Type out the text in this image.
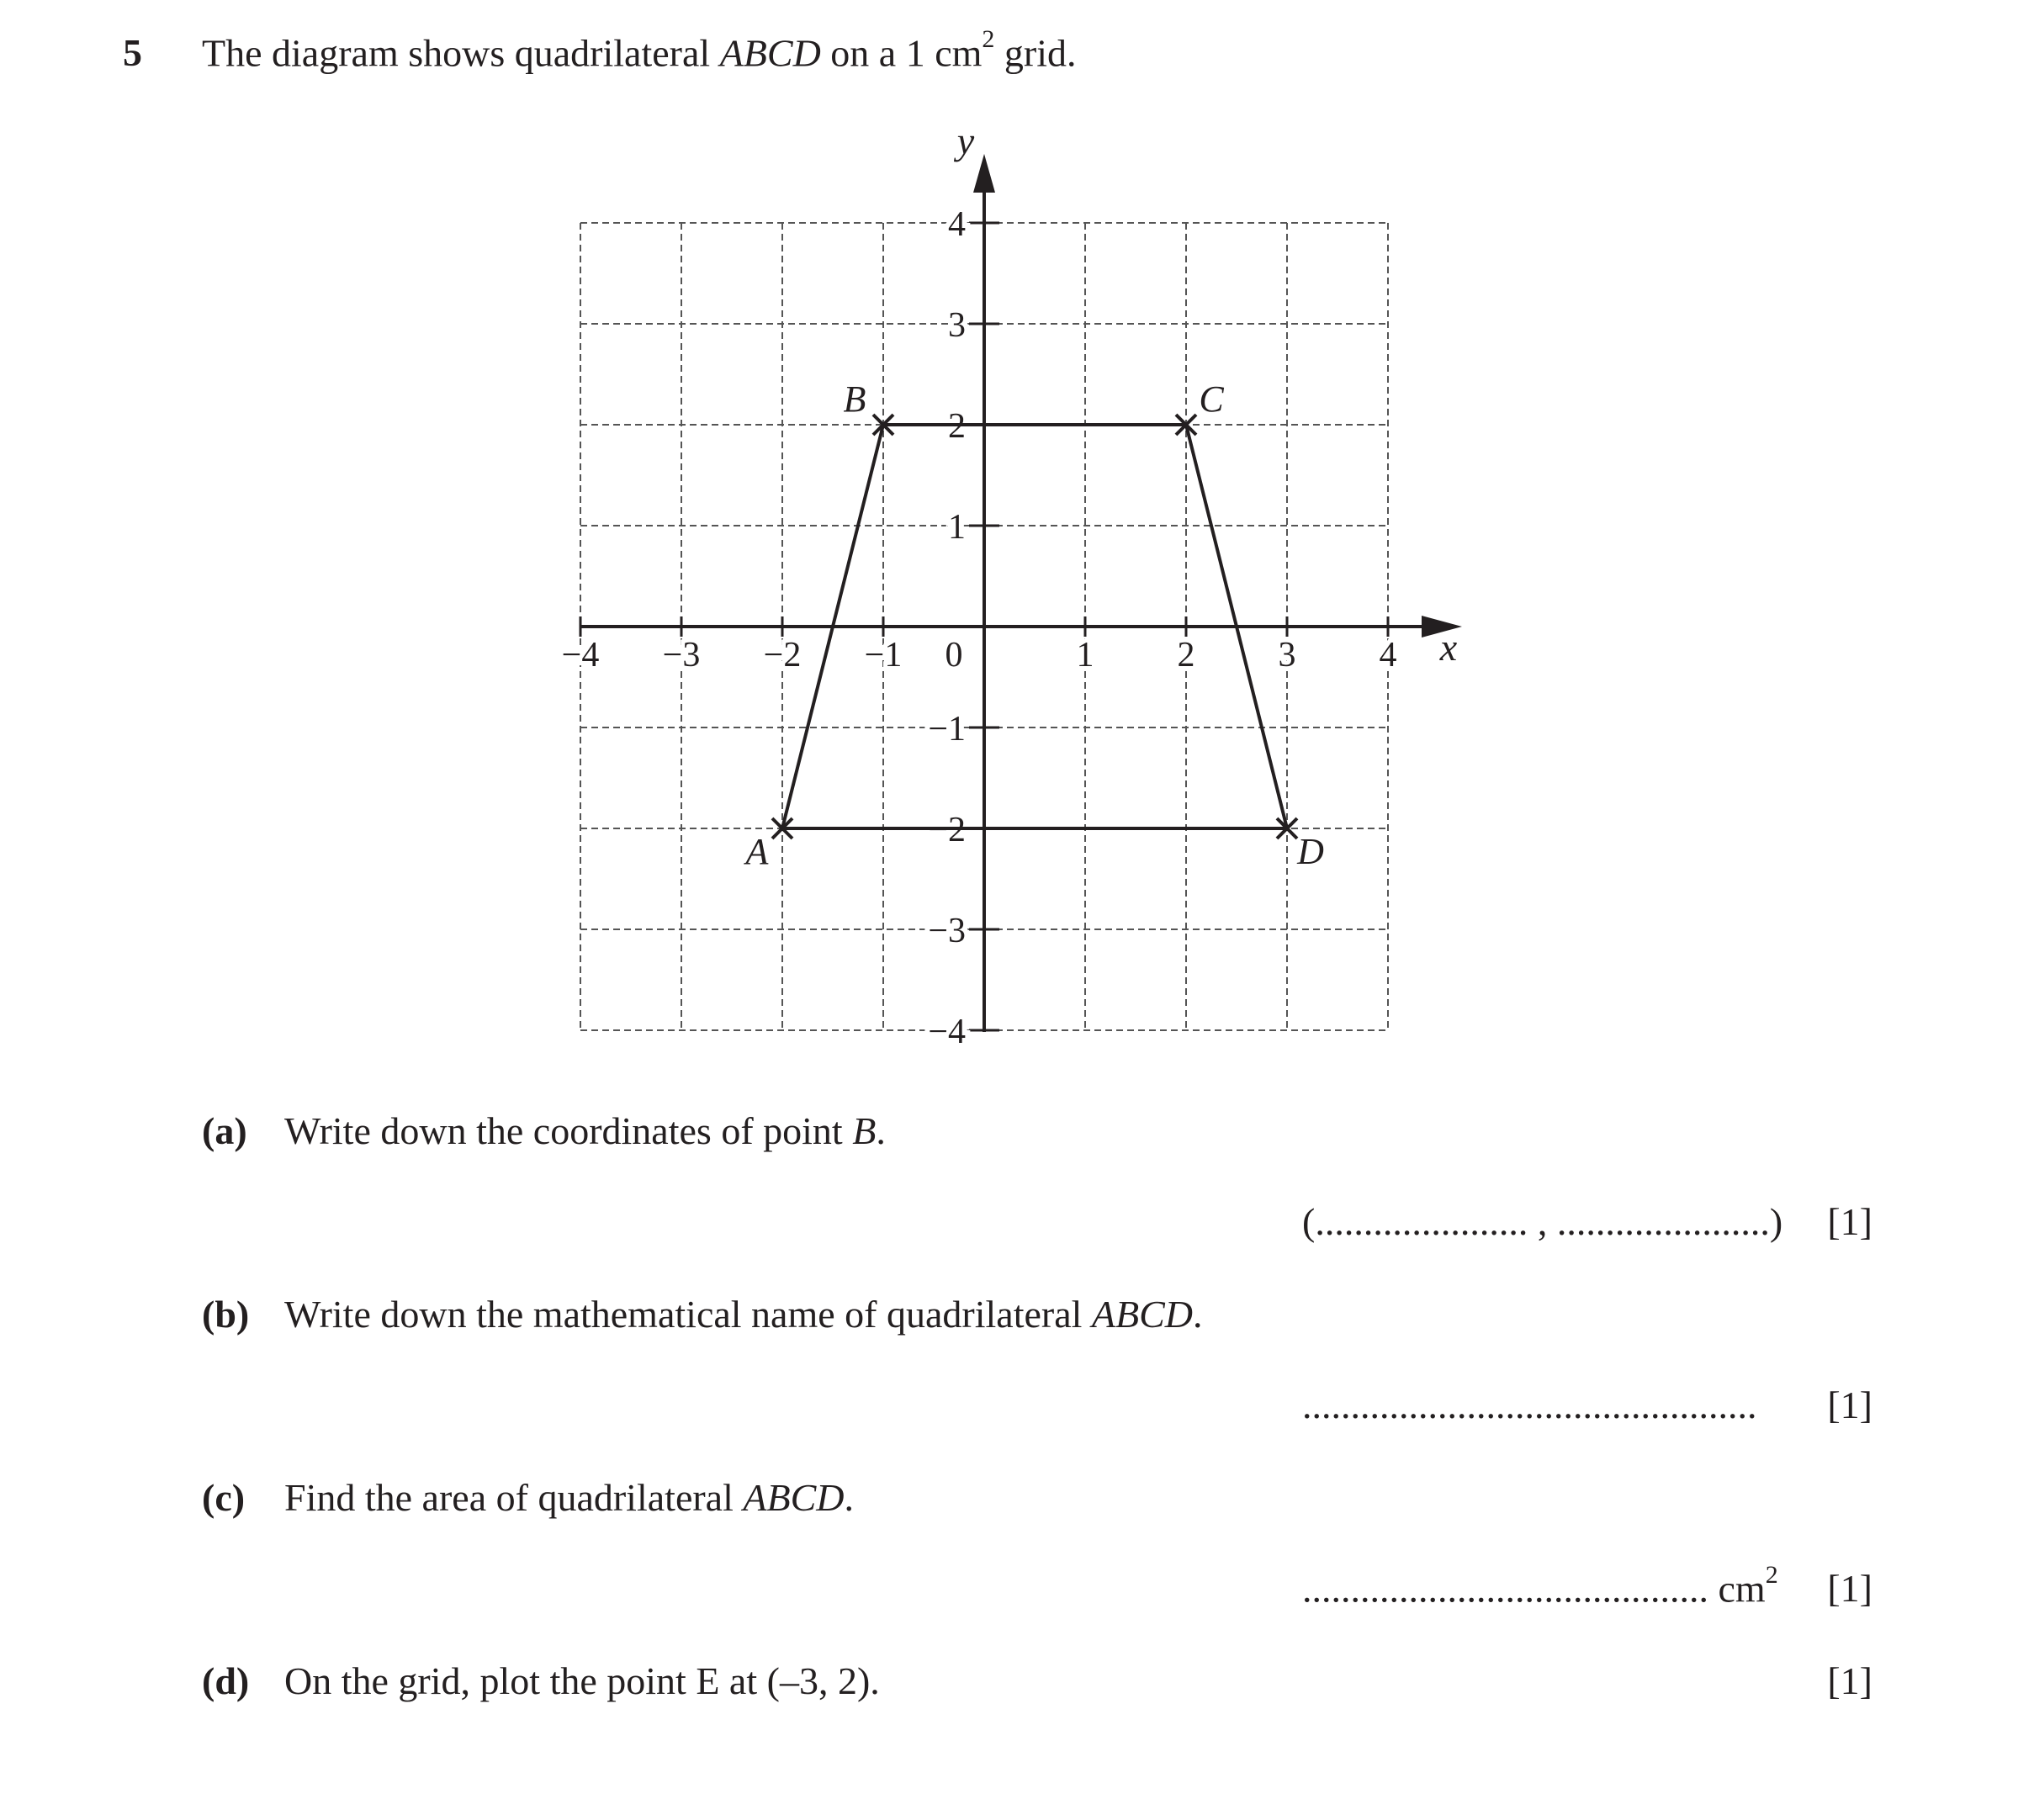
5 The diagram shows quadrilateral ABCD on a 1 $cm^2$ grid.
x
y
−4 −3 −2 −1 0	1 2 3 4
4
3
2
1
−1
−2
−3
−4
A
B	C
D
(a) Write down the coordinates of point B.
(...................... , ......................) [1]
(b) Write down the mathematical name of quadrilateral ABCD.
............................................... [1]
(c) Find the area of quadrilateral ABCD.
.......................................... $cm^2$ [1]
(d) On the grid, plot the point E at (–3, 2).	[1]
